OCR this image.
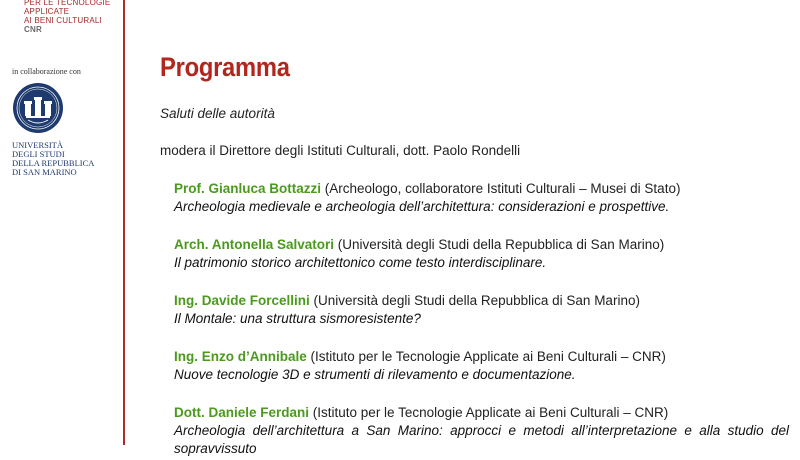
PER LE TECNOLOGIE
APPLICATE
AI BENI CULTURALI
CNR
in collaborazione con
UNIVERSITÀ
DEGLI STUDI
DELLA REPUBBLICA
DI SAN MARINO
Programma
Saluti delle autorità
modera il Direttore degli Istituti Culturali, dott. Paolo Rondelli
Prof. Gianluca Bottazzi (Archeologo, collaboratore Istituti Culturali – Musei di Stato)
Archeologia medievale e archeologia dell’architettura: considerazioni e prospettive.
Arch. Antonella Salvatori (Università degli Studi della Repubblica di San Marino)
Il patrimonio storico architettonico come testo interdisciplinare.
Ing. Davide Forcellini (Università degli Studi della Repubblica di San Marino)
Il Montale: una struttura sismoresistente?
Ing. Enzo d’Annibale (Istituto per le Tecnologie Applicate ai Beni Culturali – CNR)
Nuove tecnologie 3D e strumenti di rilevamento e documentazione.
Dott. Daniele Ferdani (Istituto per le Tecnologie Applicate ai Beni Culturali – CNR)
Archeologia dell’architettura a San Marino: approcci e metodi all’interpretazione e alla studio del sopravvissuto
